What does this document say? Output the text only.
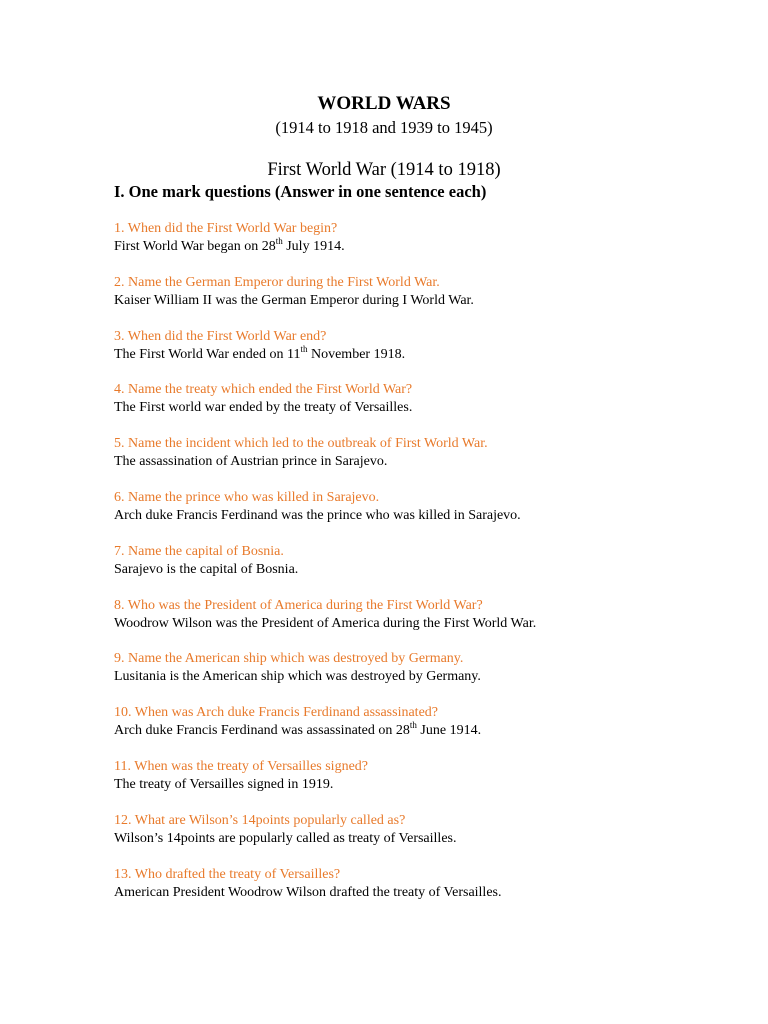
WORLD WARS
(1914 to 1918 and 1939 to 1945)
First World War (1914 to 1918)
I. One mark questions (Answer in one sentence each)
1. When did the First World War begin?
First World War began on 28th July 1914.
2. Name the German Emperor during the First World War.
Kaiser William II was the German Emperor during I World War.
3. When did the First World War end?
The First World War ended on 11th November 1918.
4. Name the treaty which ended the First World War?
The First world war ended by the treaty of Versailles.
5. Name the incident which led to the outbreak of First World War.
The assassination of Austrian prince in Sarajevo.
6. Name the prince who was killed in Sarajevo.
Arch duke Francis Ferdinand was the prince who was killed in Sarajevo.
7. Name the capital of Bosnia.
Sarajevo is the capital of Bosnia.
8. Who was the President of America during the First World War?
Woodrow Wilson was the President of America during the First World War.
9. Name the American ship which was destroyed by Germany.
Lusitania is the American ship which was destroyed by Germany.
10. When was Arch duke Francis Ferdinand assassinated?
Arch duke Francis Ferdinand was assassinated on 28th June 1914.
11. When was the treaty of Versailles signed?
The treaty of Versailles signed in 1919.
12. What are Wilson’s 14points popularly called as?
Wilson’s 14points are popularly called as treaty of Versailles.
13. Who drafted the treaty of Versailles?
American President Woodrow Wilson drafted the treaty of Versailles.
